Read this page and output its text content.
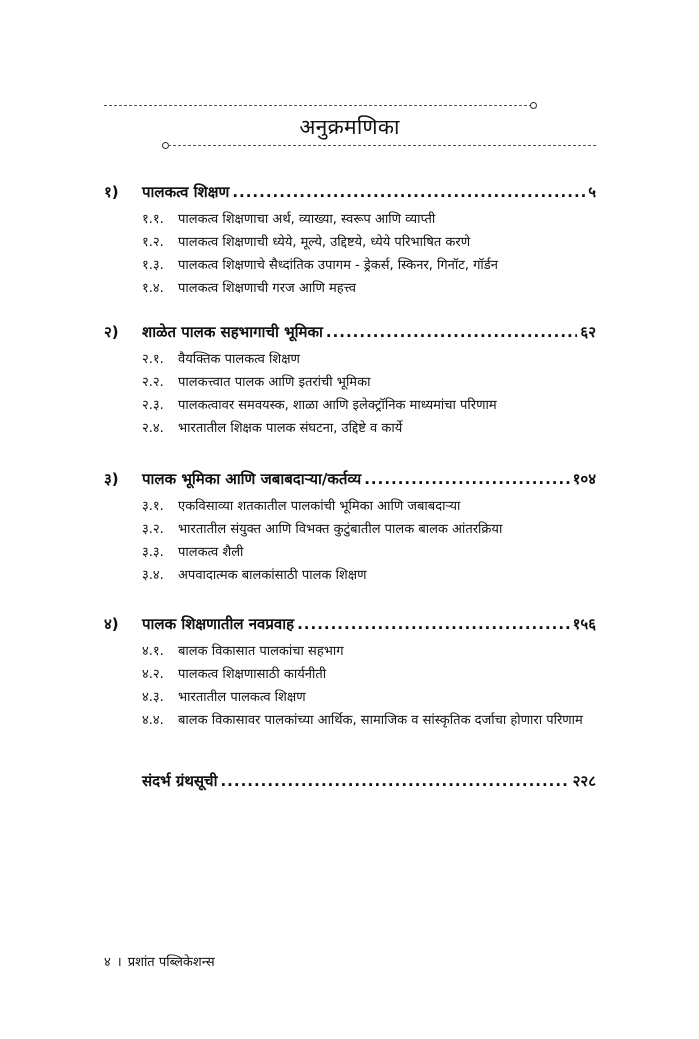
अनुक्रमणिका
१)	पालकत्व शिक्षण .....	५
१.१.	पालकत्व शिक्षणाचा अर्थ, व्याख्या, स्वरूप आणि व्याप्ती
१.२.	पालकत्व शिक्षणाची ध्येये, मूल्ये, उद्दिष्टये, ध्येये परिभाषित करणे
१.३.	पालकत्व शिक्षणाचे सैध्दांतिक उपागम - ड्रेकर्स, स्किनर, गिनॉट, गॉर्डन
१.४.	पालकत्व शिक्षणाची गरज आणि महत्त्व
२)	शाळेत पालक सहभागाची भूमिका .....	६२
२.१.	वैयक्तिक पालकत्व शिक्षण
२.२.	पालकत्त्वात पालक आणि इतरांची भूमिका
२.३.	पालकत्वावर समवयस्क, शाळा आणि इलेक्ट्रॉनिक माध्यमांचा परिणाम
२.४.	भारतातील शिक्षक पालक संघटना, उद्दिष्टे व कार्ये
३)	पालक भूमिका आणि जबाबदाऱ्या/कर्तव्य .....	१०४
३.१.	एकविसाव्या शतकातील पालकांची भूमिका आणि जबाबदाऱ्या
३.२.	भारतातील संयुक्त आणि विभक्त कुटुंबातील पालक बालक आंतरक्रिया
३.३.	पालकत्व शैली
३.४.	अपवादात्मक बालकांसाठी पालक शिक्षण
४)	पालक शिक्षणातील नवप्रवाह .....	१५६
४.१.	बालक विकासात पालकांचा सहभाग
४.२.	पालकत्व शिक्षणासाठी कार्यनीती
४.३.	भारतातील पालकत्व शिक्षण
४.४.	बालक विकासावर पालकांच्या आर्थिक, सामाजिक व सांस्कृतिक दर्जाचा होणारा परिणाम
संदर्भ ग्रंथसूची .....	२२८
४ । प्रशांत पब्लिकेशन्स
